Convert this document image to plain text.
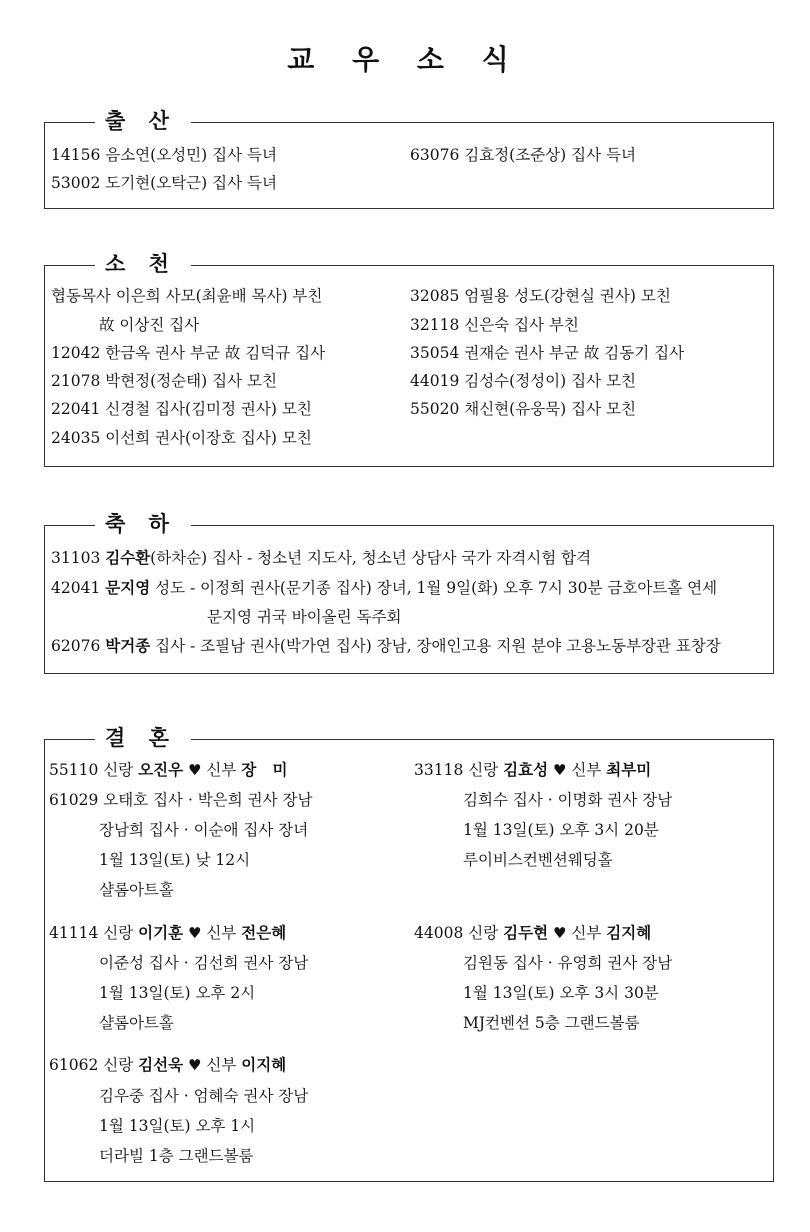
교 우 소 식
출 산
14156 음소연(오성민) 집사 득녀
53002 도기현(오탁근) 집사 득녀
63076 김효정(조준상) 집사 득녀
소 천
협동목사 이은희 사모(최윤배 목사) 부친
故 이상진 집사
12042 한금옥 권사 부군 故 김덕규 집사
21078 박현정(정순태) 집사 모친
22041 신경철 집사(김미정 권사) 모친
24035 이선희 권사(이장호 집사) 모친
32085 엄필용 성도(강현실 권사) 모친
32118 신은숙 집사 부친
35054 권재순 권사 부군 故 김동기 집사
44019 김성수(정성이) 집사 모친
55020 채신현(유웅묵) 집사 모친
축 하
31103 김수환(하차순) 집사 - 청소년 지도사, 청소년 상담사 국가 자격시험 합격
42041 문지영 성도 - 이정희 권사(문기종 집사) 장녀, 1월 9일(화) 오후 7시 30분 금호아트홀 연세
문지영 귀국 바이올린 독주회
62076 박거종 집사 - 조필남 권사(박가연 집사) 장남, 장애인고용 지원 분야 고용노동부장관 표창장
결 혼
55110 신랑 오진우 ♥ 신부 장   미
61029 오태호 집사 · 박은희 권사 장남
장남희 집사 · 이순애 집사 장녀
1월 13일(토) 낮 12시
샬롬아트홀
33118 신랑 김효성 ♥ 신부 최부미
김희수 집사 · 이명화 권사 장남
1월 13일(토) 오후 3시 20분
루이비스컨벤션웨딩홀
41114 신랑 이기훈 ♥ 신부 전은혜
이준성 집사 · 김선희 권사 장남
1월 13일(토) 오후 2시
샬롬아트홀
44008 신랑 김두현 ♥ 신부 김지혜
김원동 집사 · 유영희 권사 장남
1월 13일(토) 오후 3시 30분
MJ컨벤션 5층 그랜드볼룸
61062 신랑 김선욱 ♥ 신부 이지혜
김우중 집사 · 엄혜숙 권사 장남
1월 13일(토) 오후 1시
더라빌 1층 그랜드볼룸
